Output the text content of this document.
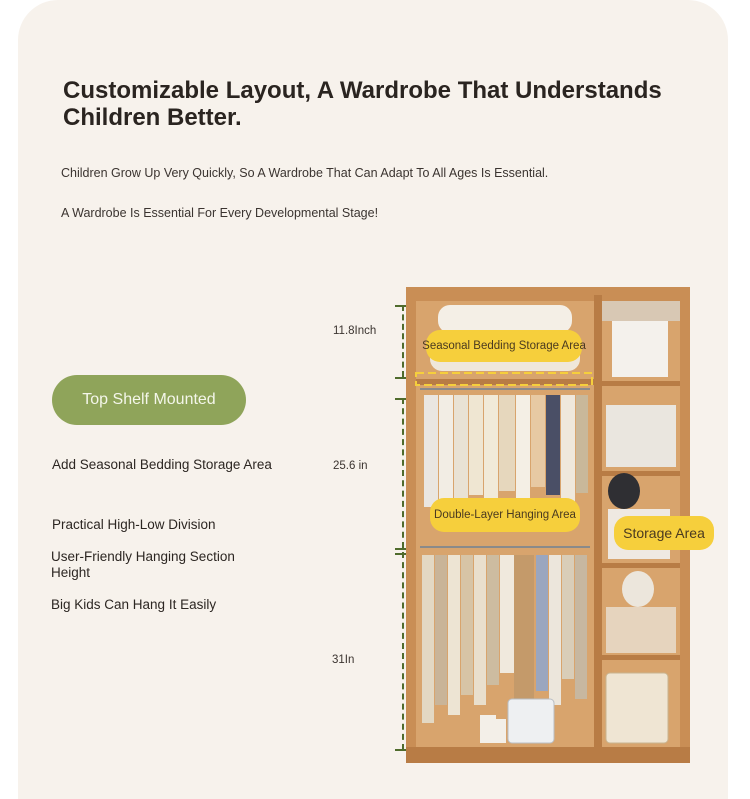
Customizable Layout, A Wardrobe That Understands Children Better.

Children Grow Up Very Quickly, So A Wardrobe That Can Adapt To All Ages Is Essential.

A Wardrobe Is Essential For Every Developmental Stage!

Top Shelf Mounted
Add Seasonal Bedding Storage Area
Practical High-Low Division
User-Friendly Hanging Section Height
Big Kids Can Hang It Easily
11.8Inch
25.6 in
31In
Seasonal Bedding Storage Area
Double-Layer Hanging Area
Storage Area
